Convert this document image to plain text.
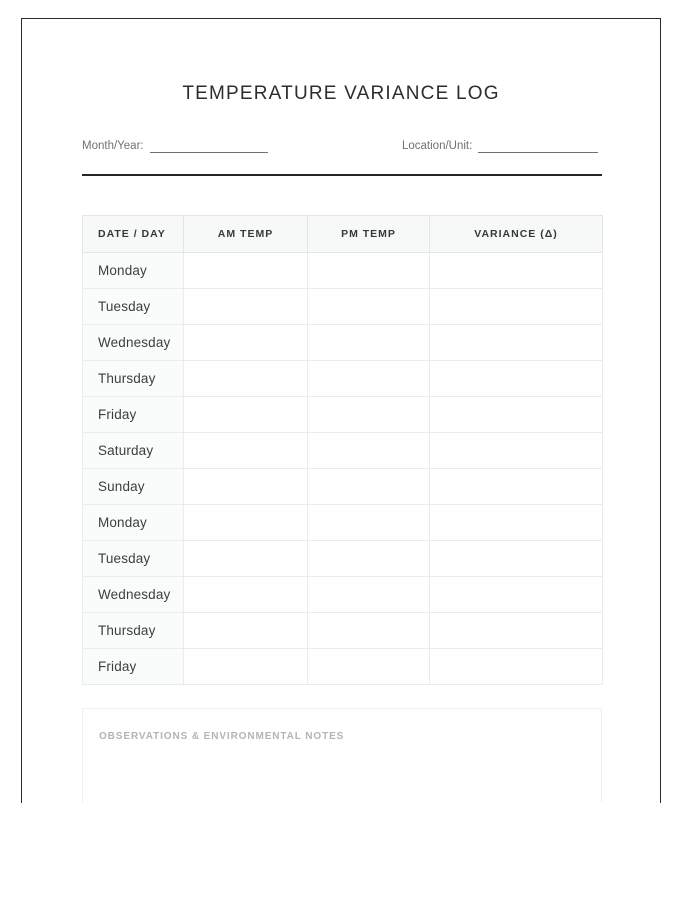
TEMPERATURE VARIANCE LOG
Month/Year:	Location/Unit:
DATE / DAY	AM TEMP	PM TEMP	VARIANCE (Δ)
Monday			
Tuesday			
Wednesday			
Thursday			
Friday			
Saturday			
Sunday			
Monday			
Tuesday			
Wednesday			
Thursday			
Friday			
OBSERVATIONS & ENVIRONMENTAL NOTES
